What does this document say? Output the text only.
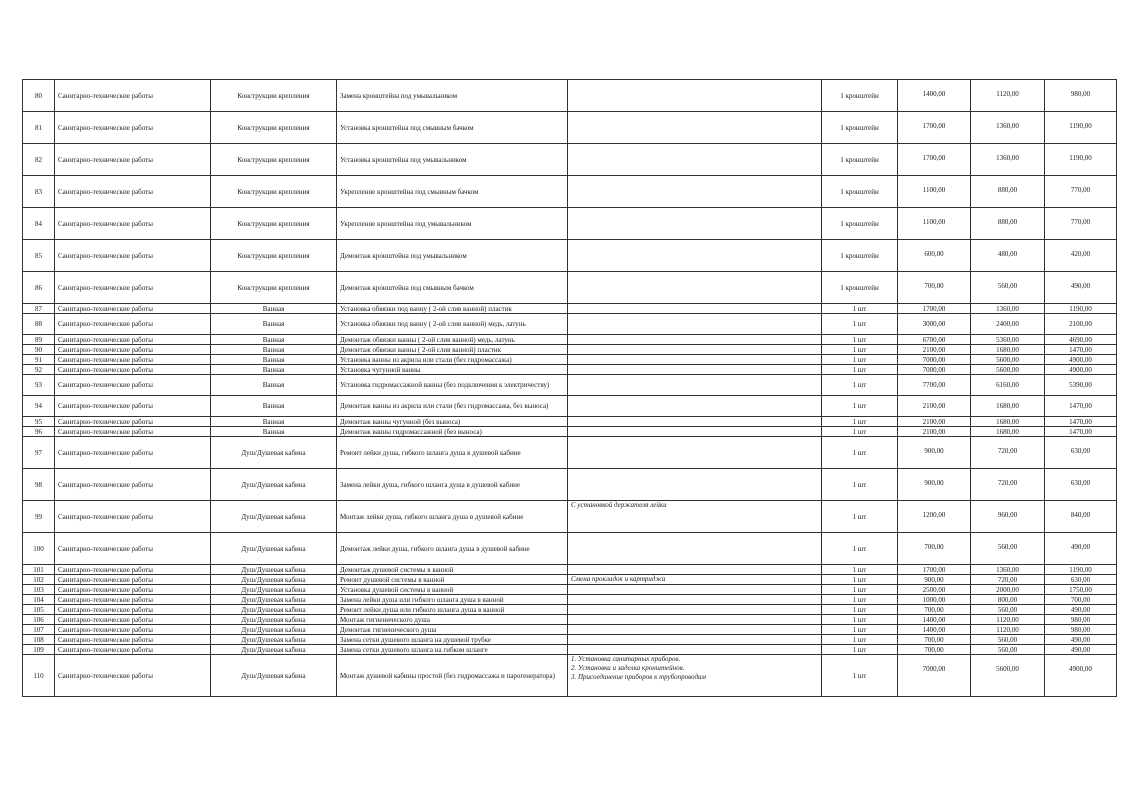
80	Санитарно-технические работы	Конструкции крепления	Замена кронштейна под умывальником		1 кронштейн	1400,00	1120,00	980,00
81	Санитарно-технические работы	Конструкции крепления	Установка кронштейна под смывным бачком		1 кронштейн	1700,00	1360,00	1190,00
82	Санитарно-технические работы	Конструкции крепления	Установка кронштейна под умывальником		1 кронштейн	1700,00	1360,00	1190,00
83	Санитарно-технические работы	Конструкции крепления	Укрепление кронштейна под смывным бачком		1 кронштейн	1100,00	880,00	770,00
84	Санитарно-технические работы	Конструкции крепления	Укрепление кронштейна под умывальником		1 кронштейн	1100,00	880,00	770,00
85	Санитарно-технические работы	Конструкции крепления	Демонтаж кронштейна под умывальником		1 кронштейн	600,00	480,00	420,00
86	Санитарно-технические работы	Конструкции крепления	Демонтаж кронштейна под смывным бачком		1 кронштейн	700,00	560,00	490,00
87	Санитарно-технические работы	Ванная	Установка обвязки под ванну ( 2-ой слив ванной) пластик		1 шт	1700,00	1360,00	1190,00
88	Санитарно-технические работы	Ванная	Установка обвязки под ванну ( 2-ой слив ванной) медь, латунь		1 шт	3000,00	2400,00	2100,00
89	Санитарно-технические работы	Ванная	Демонтаж обвязки ванны ( 2-ой слив ванной) медь, латунь		1 шт	6700,00	5360,00	4690,00
90	Санитарно-технические работы	Ванная	Демонтаж обвязки ванны ( 2-ой слив ванной) пластик		1 шт	2100,00	1680,00	1470,00
91	Санитарно-технические работы	Ванная	Установка ванны из акрила или стали (без гидромассажа)		1 шт	7000,00	5600,00	4900,00
92	Санитарно-технические работы	Ванная	Установка чугунной ванны		1 шт	7000,00	5600,00	4900,00
93	Санитарно-технические работы	Ванная	Установка гидромассажной ванны (без подключения к электричеству)		1 шт	7700,00	6160,00	5390,00
94	Санитарно-технические работы	Ванная	Демонтаж ванны из акрила или стали (без гидромассажа, без выноса)		1 шт	2100,00	1680,00	1470,00
95	Санитарно-технические работы	Ванная	Демонтаж ванны чугунной (без выноса)		1 шт	2100,00	1680,00	1470,00
96	Санитарно-технические работы	Ванная	Демонтаж ванны гидромассажной (без выноса)		1 шт	2100,00	1680,00	1470,00
97	Санитарно-технические работы	Душ/Душевая кабина	Ремонт лейки душа, гибкого шланга душа в душевой кабине		1 шт	900,00	720,00	630,00
98	Санитарно-технические работы	Душ/Душевая кабина	Замена лейки душа, гибкого шланга душа в душевой кабине		1 шт	900,00	720,00	630,00
99	Санитарно-технические работы	Душ/Душевая кабина	Монтаж лейки душа, гибкого шланга душа в душевой кабине	С установкой держателя лейки	1 шт	1200,00	960,00	840,00
100	Санитарно-технические работы	Душ/Душевая кабина	Демонтаж лейки душа, гибкого шланга душа в душевой кабине		1 шт	700,00	560,00	490,00
101	Санитарно-технические работы	Душ/Душевая кабина	Демонтаж душевой системы в ванной		1 шт	1700,00	1360,00	1190,00
102	Санитарно-технические работы	Душ/Душевая кабина	Ремонт душевой системы в ванной	Смена прокладок и картриджа	1 шт	900,00	720,00	630,00
103	Санитарно-технические работы	Душ/Душевая кабина	Установка душевой системы в ванной		1 шт	2500,00	2000,00	1750,00
104	Санитарно-технические работы	Душ/Душевая кабина	Замена лейки душа или гибкого шланга душа в ванной		1 шт	1000,00	800,00	700,00
105	Санитарно-технические работы	Душ/Душевая кабина	Ремонт лейки душа или гибкого шланга душа в ванной		1 шт	700,00	560,00	490,00
106	Санитарно-технические работы	Душ/Душевая кабина	Монтаж гигиенического душа		1 шт	1400,00	1120,00	980,00
107	Санитарно-технические работы	Душ/Душевая кабина	Демонтаж гигиенического душа		1 шт	1400,00	1120,00	980,00
108	Санитарно-технические работы	Душ/Душевая кабина	Замена сетки душевого шланга на душевой трубке		1 шт	700,00	560,00	490,00
109	Санитарно-технические работы	Душ/Душевая кабина	Замена сетки душевого шланга на гибком шланге		1 шт	700,00	560,00	490,00
110	Санитарно-технические работы	Душ/Душевая кабина	Монтаж душевой кабины простой (без гидромассажа и парогенератора)	1. Установка санитарных приборов.
2. Установка и заделка кронштейнов.
3. Присоединение приборов к трубопроводам	1 шт	7000,00	5600,00	4900,00
